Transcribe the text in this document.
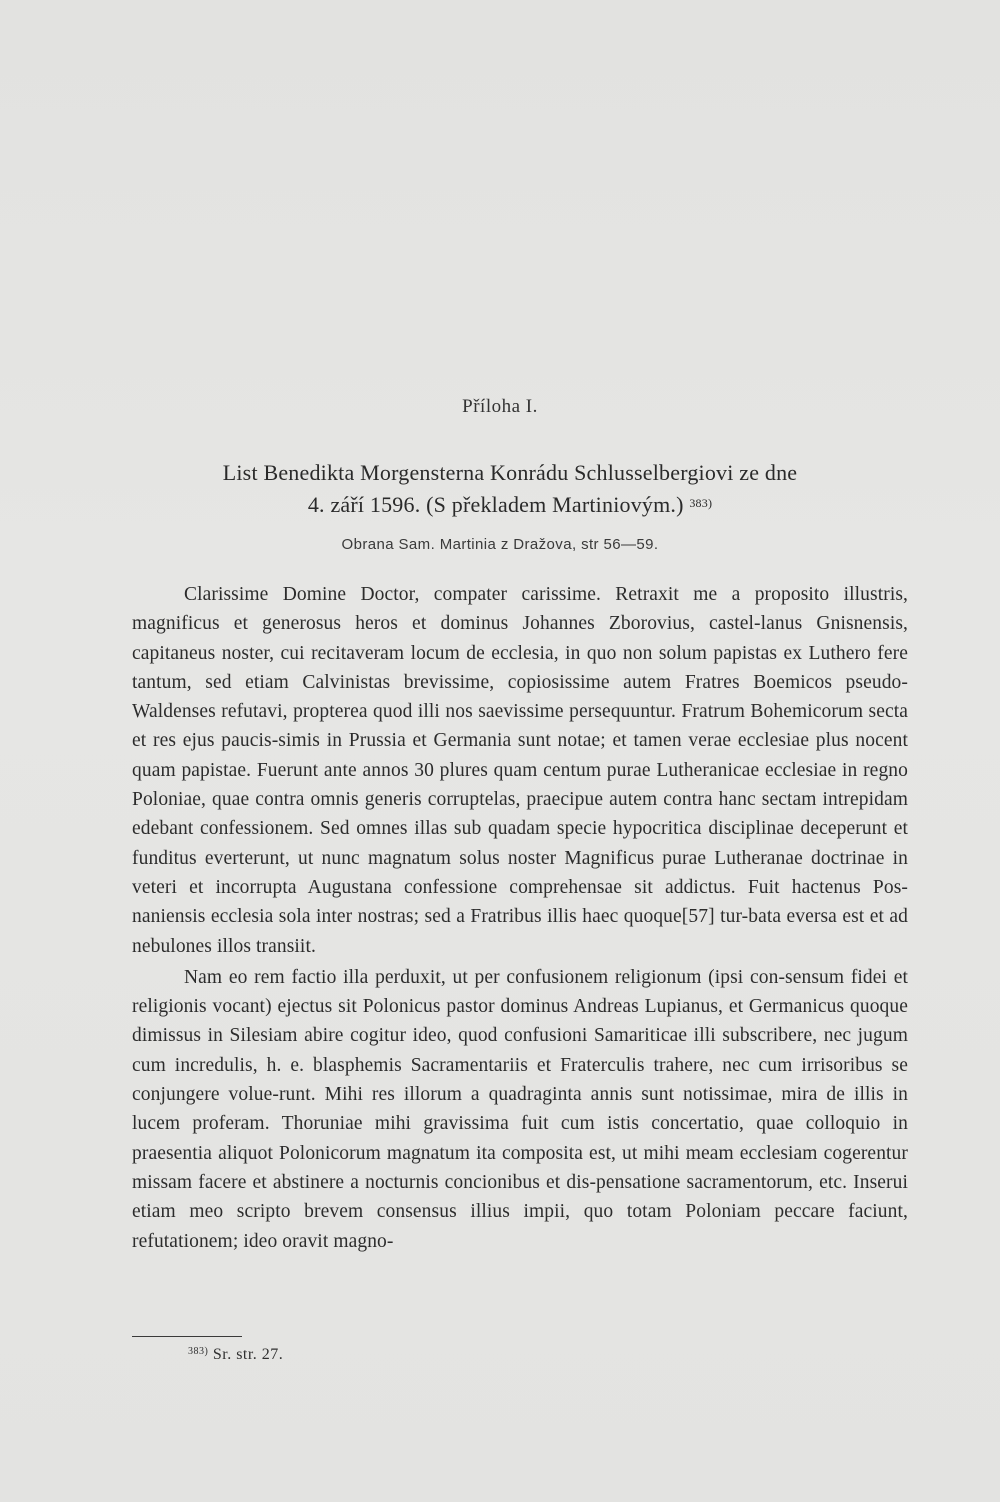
Příloha I.
List Benedikta Morgensterna Konrádu Schlusselbergiovi ze dne
4. září 1596. (S překladem Martiniovým.) $^{383)}$
Obrana Sam. Martinia z Dražova, str 56—59.

Clarissime Domine Doctor, compater carissime. Retraxit me a proposito illustris, magnificus et generosus heros et dominus Johannes Zborovius, castel-lanus Gnisnensis, capitaneus noster, cui recitaveram locum de ecclesia, in quo non solum papistas ex Luthero fere tantum, sed etiam Calvinistas brevissime, copiosissime autem Fratres Boemicos pseudo-Waldenses refutavi, propterea quod illi nos saevissime persequuntur. Fratrum Bohemicorum secta et res ejus paucis-simis in Prussia et Germania sunt notae; et tamen verae ecclesiae plus nocent quam papistae. Fuerunt ante annos 30 plures quam centum purae Lutheranicae ecclesiae in regno Poloniae, quae contra omnis generis corruptelas, praecipue autem contra hanc sectam intrepidam edebant confessionem. Sed omnes illas sub quadam specie hypocritica disciplinae deceperunt et funditus everterunt, ut nunc magnatum solus noster Magnificus purae Lutheranae doctrinae in veteri et incorrupta Augustana confessione comprehensae sit addictus. Fuit hactenus Pos-naniensis ecclesia sola inter nostras; sed a Fratribus illis haec quoque[57] tur-bata eversa est et ad nebulones illos transiit.

Nam eo rem factio illa perduxit, ut per confusionem religionum (ipsi con-sensum fidei et religionis vocant) ejectus sit Polonicus pastor dominus Andreas Lupianus, et Germanicus quoque dimissus in Silesiam abire cogitur ideo, quod confusioni Samariticae illi subscribere, nec jugum cum incredulis, h. e. blasphemis Sacramentariis et Fraterculis trahere, nec cum irrisoribus se conjungere volue-runt. Mihi res illorum a quadraginta annis sunt notissimae, mira de illis in lucem proferam. Thoruniae mihi gravissima fuit cum istis concertatio, quae colloquio in praesentia aliquot Polonicorum magnatum ita composita est, ut mihi meam ecclesiam cogerentur missam facere et abstinere a nocturnis concionibus et dis-pensatione sacramentorum, etc. Inserui etiam meo scripto brevem consensus illius impii, quo totam Poloniam peccare faciunt, refutationem; ideo oravit magno-

$^{383)}$ Sr. str. 27.
